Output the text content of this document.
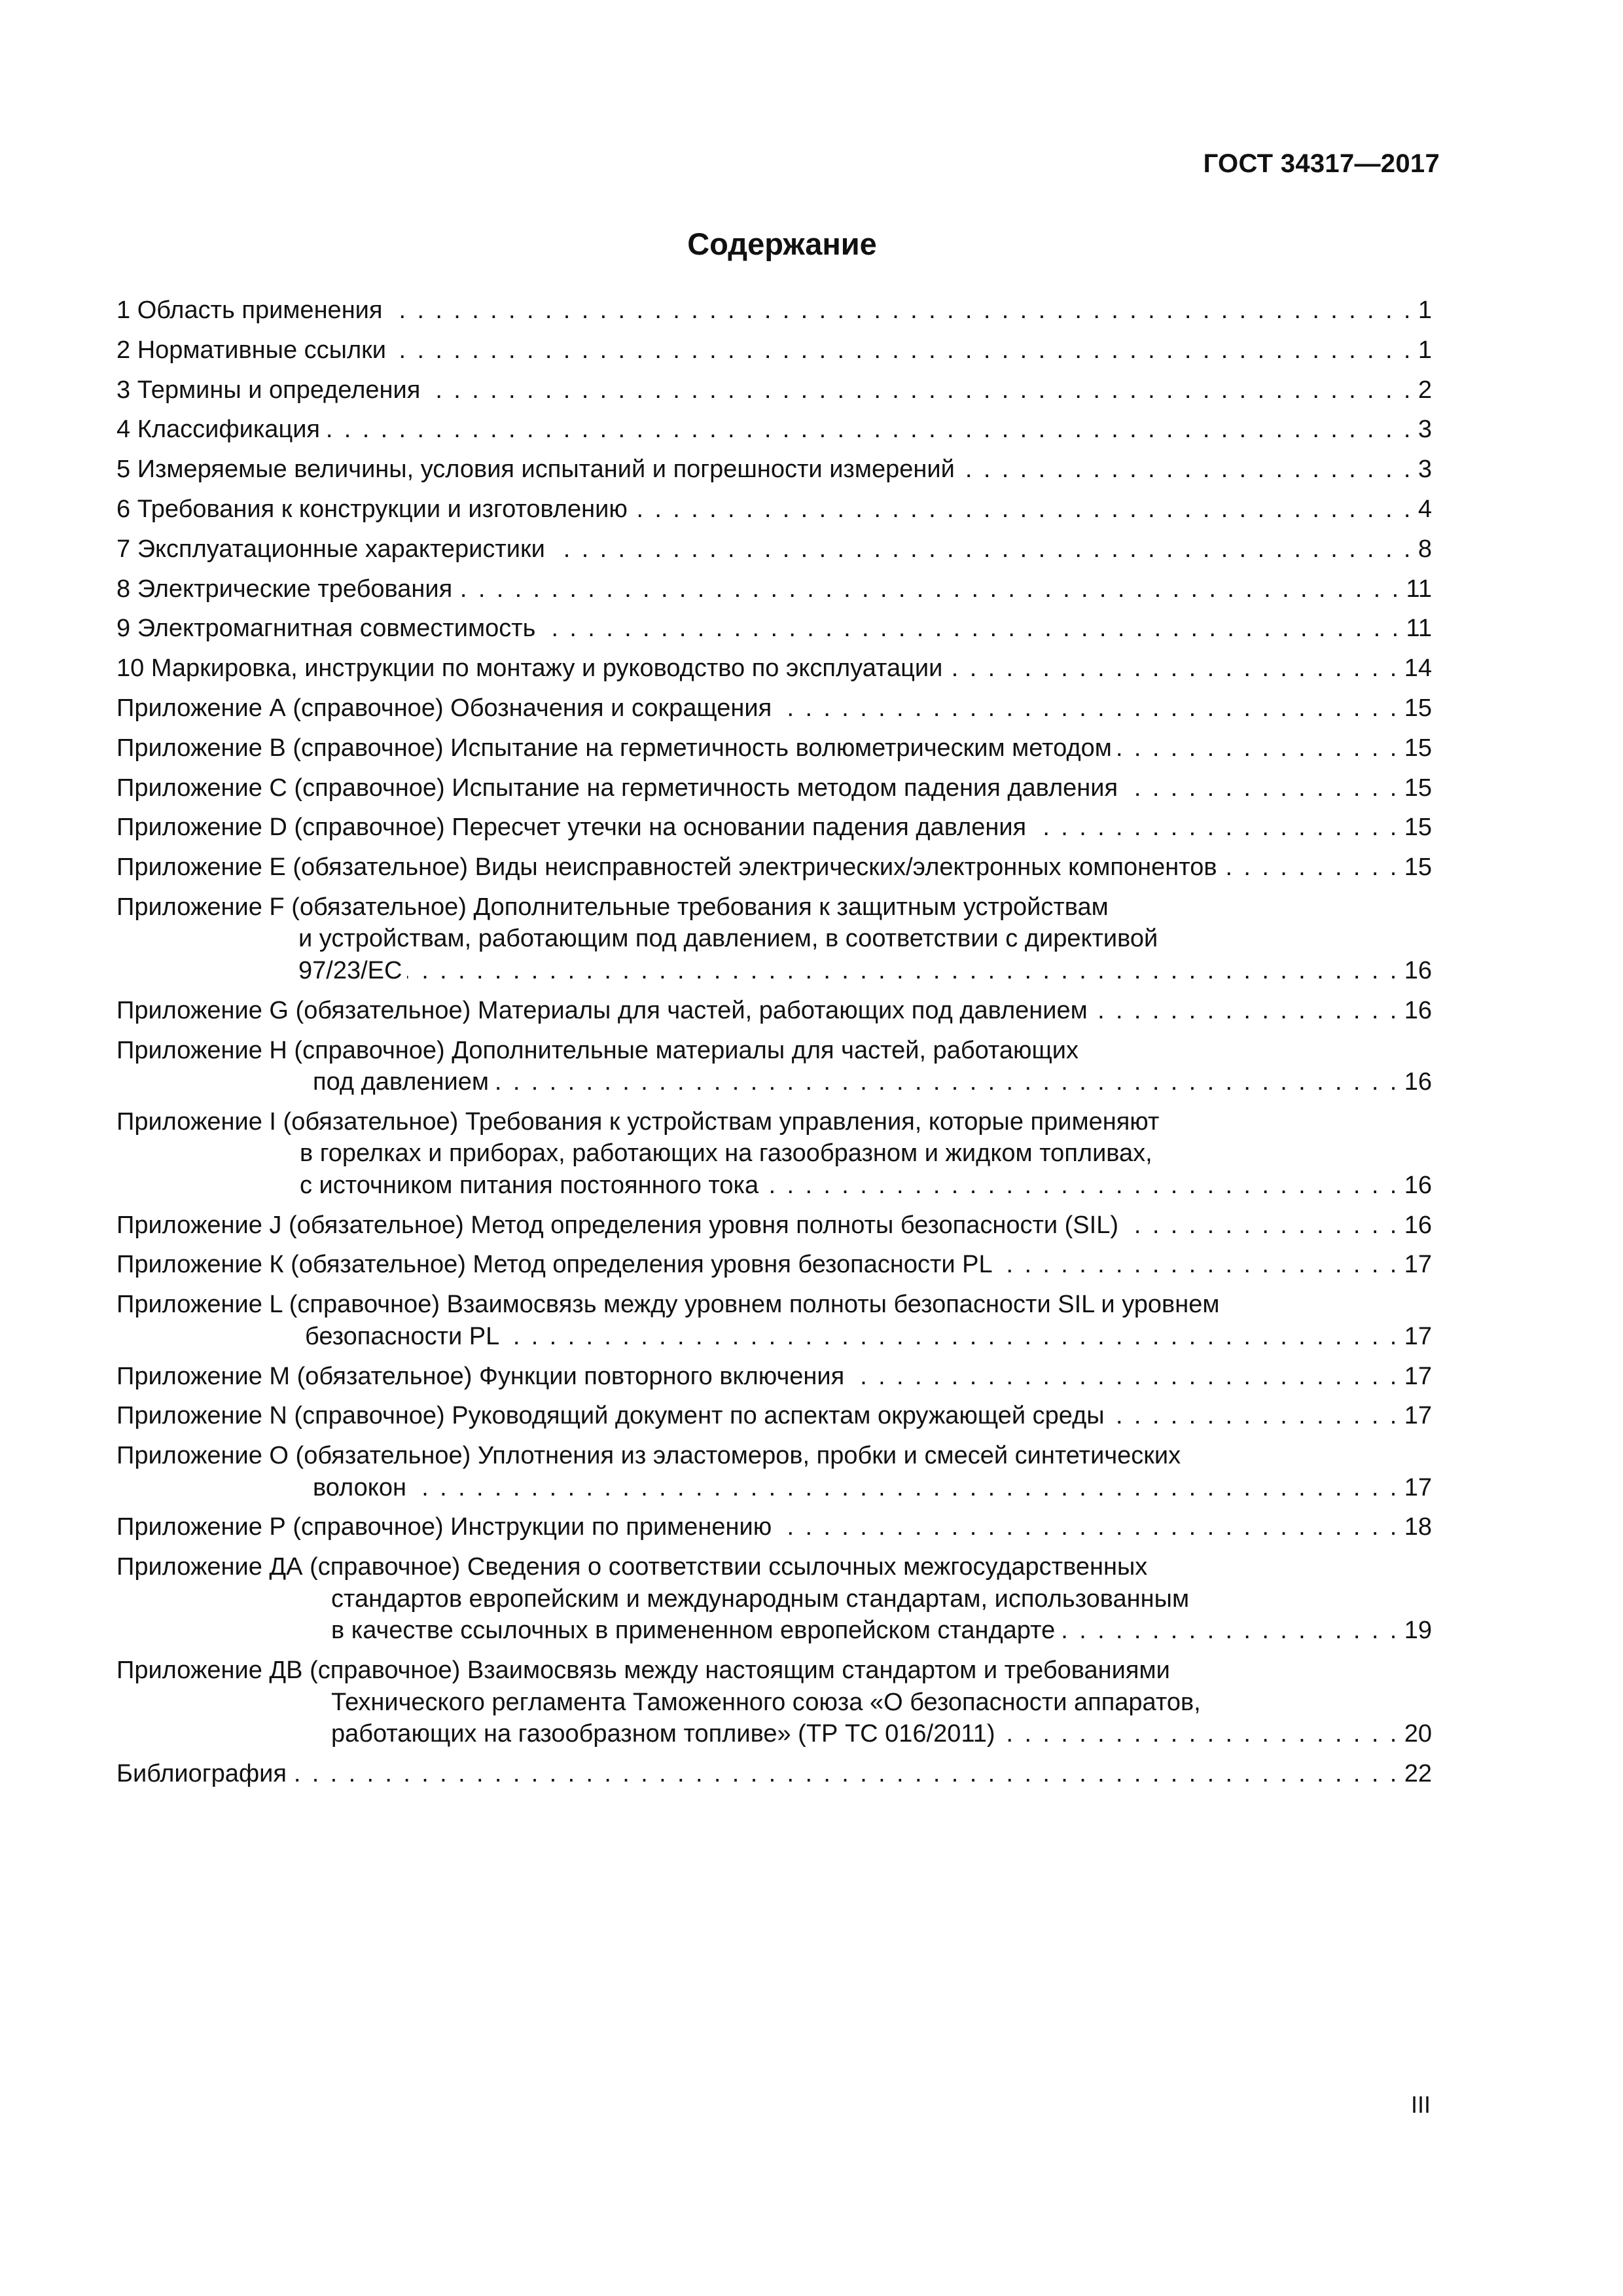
ГОСТ 34317—2017
Содержание
1 Область применения . . .	1
2 Нормативные ссылки . . .	1
3 Термины и определения . . .	2
4 Классификация . . .	3
5 Измеряемые величины, условия испытаний и погрешности измерений . . .	3
6 Требования к конструкции и изготовлению . . .	4
7 Эксплуатационные характеристики . . .	8
8 Электрические требования . . .	11
9 Электромагнитная совместимость . . .	11
10 Маркировка, инструкции по монтажу и руководство по эксплуатации . . .	14
Приложение А (справочное) Обозначения и сокращения . . .	15
Приложение В (справочное) Испытание на герметичность волюметрическим методом . . .	15
Приложение С (справочное) Испытание на герметичность методом падения давления . . .	15
Приложение D (справочное) Пересчет утечки на основании падения давления . . .	15
Приложение Е (обязательное) Виды неисправностей электрических/электронных компонентов . . .	15
Приложение F (обязательное) Дополнительные требования к защитным устройствам
и устройствам, работающим под давлением, в соответствии с директивой
97/23/EC . . .	16
Приложение G (обязательное) Материалы для частей, работающих под давлением . . .	16
Приложение Н (справочное) Дополнительные материалы для частей, работающих
под давлением . . .	16
Приложение I (обязательное) Требования к устройствам управления, которые применяют
в горелках и приборах, работающих на газообразном и жидком топливах,
с источником питания постоянного тока . . .	16
Приложение J (обязательное) Метод определения уровня полноты безопасности (SIL) . . .	16
Приложение К (обязательное) Метод определения уровня безопасности PL . . .	17
Приложение L (справочное) Взаимосвязь между уровнем полноты безопасности SIL и уровнем
безопасности PL . . .	17
Приложение М (обязательное) Функции повторного включения . . .	17
Приложение N (справочное) Руководящий документ по аспектам окружающей среды . . .	17
Приложение О (обязательное) Уплотнения из эластомеров, пробки и смесей синтетических
волокон . . .	17
Приложение Р (справочное) Инструкции по применению . . .	18
Приложение ДА (справочное) Сведения о соответствии ссылочных межгосударственных
стандартов европейским и международным стандартам, использованным
в качестве ссылочных в примененном европейском стандарте . . .	19
Приложение ДВ (справочное) Взаимосвязь между настоящим стандартом и требованиями
Технического регламента Таможенного союза «О безопасности аппаратов,
работающих на газообразном топливе» (ТР ТС 016/2011) . . .	20
Библиография . . .	22
III
